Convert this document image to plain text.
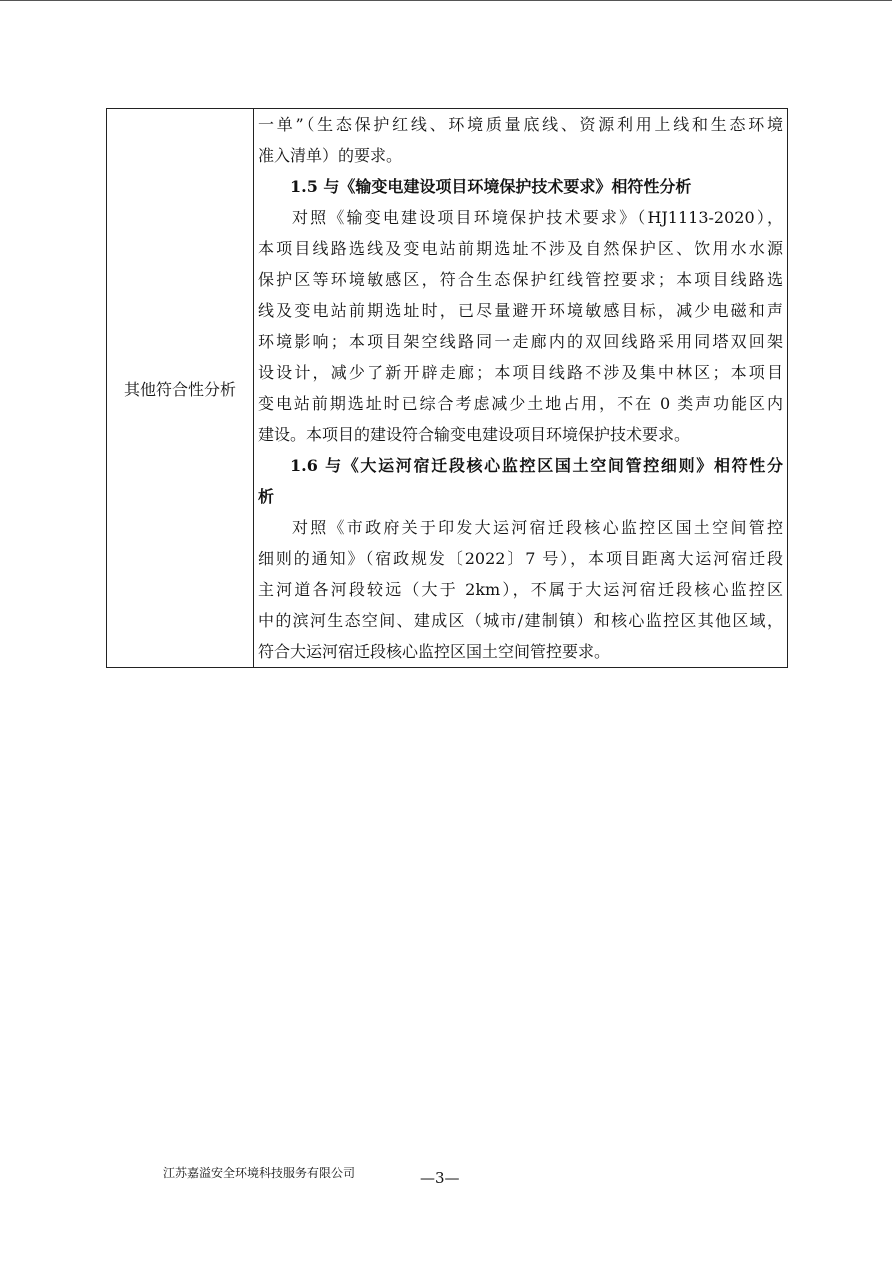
其他符合性分析	
一单”（生态保护红线、环境质量底线、资源利用上线和生态环境
准入清单）的要求。
1.5 与《输变电建设项目环境保护技术要求》相符性分析
对照《输变电建设项目环境保护技术要求》（HJ1113-2020），
本项目线路选线及变电站前期选址不涉及自然保护区、饮用水水源
保护区等环境敏感区，符合生态保护红线管控要求；本项目线路选
线及变电站前期选址时，已尽量避开环境敏感目标，减少电磁和声
环境影响；本项目架空线路同一走廊内的双回线路采用同塔双回架
设设计，减少了新开辟走廊；本项目线路不涉及集中林区；本项目
变电站前期选址时已综合考虑减少土地占用，不在 0 类声功能区内
建设。本项目的建设符合输变电建设项目环境保护技术要求。
1.6 与《大运河宿迁段核心监控区国土空间管控细则》相符性分
析
对照《市政府关于印发大运河宿迁段核心监控区国土空间管控
细则的通知》（宿政规发〔2022〕7 号），本项目距离大运河宿迁段
主河道各河段较远（大于 2km），不属于大运河宿迁段核心监控区
中的滨河生态空间、建成区（城市/建制镇）和核心监控区其他区域，
符合大运河宿迁段核心监控区国土空间管控要求。
江苏嘉溢安全环境科技服务有限公司	—3—
